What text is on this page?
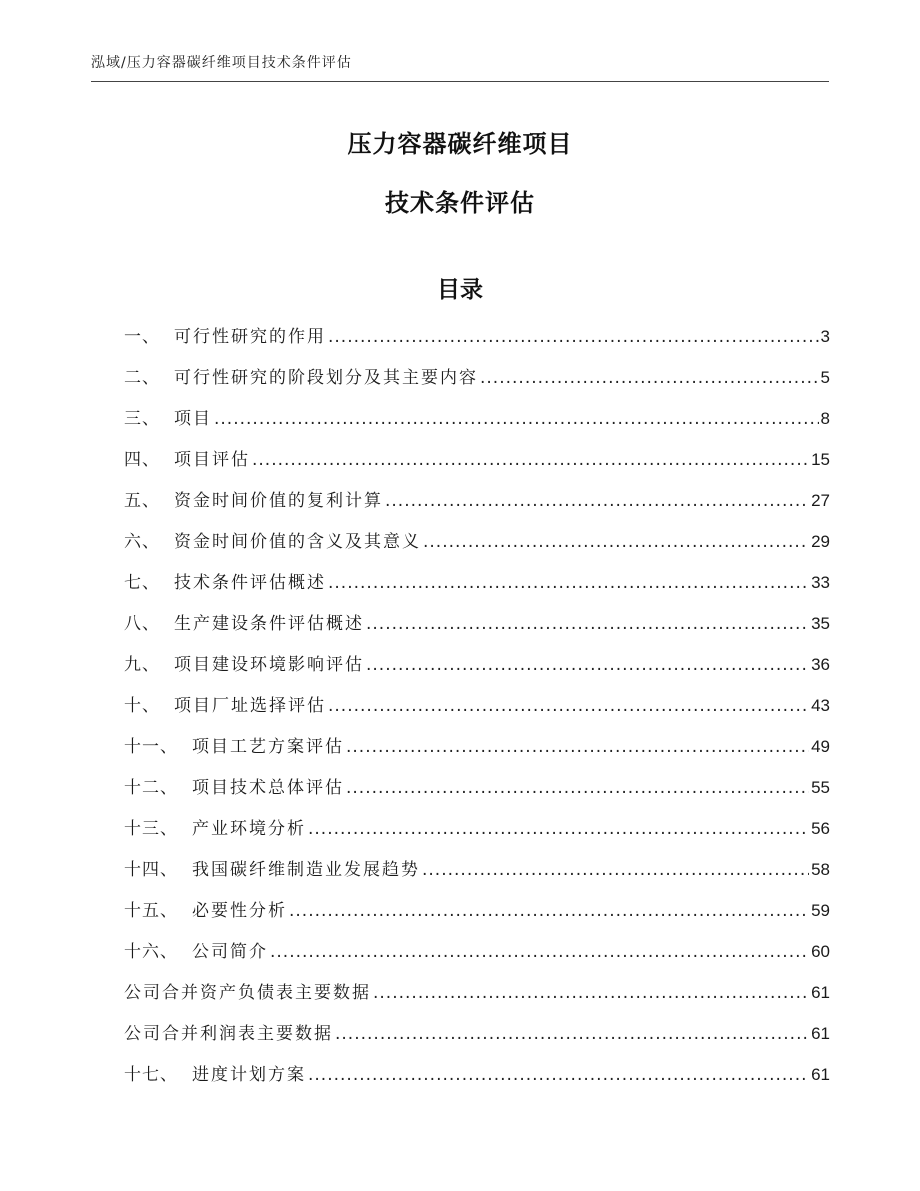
泓域/压力容器碳纤维项目技术条件评估
压力容器碳纤维项目
技术条件评估
目录
一、 可行性研究的作用 .....	3
二、 可行性研究的阶段划分及其主要内容 .....	5
三、 项目 .....	8
四、 项目评估 .....	15
五、 资金时间价值的复利计算 .....	27
六、 资金时间价值的含义及其意义 .....	29
七、 技术条件评估概述 .....	33
八、 生产建设条件评估概述 .....	35
九、 项目建设环境影响评估 .....	36
十、 项目厂址选择评估 .....	43
十一、 项目工艺方案评估 .....	49
十二、 项目技术总体评估 .....	55
十三、 产业环境分析 .....	56
十四、 我国碳纤维制造业发展趋势 .....	58
十五、 必要性分析 .....	59
十六、 公司简介 .....	60
公司合并资产负债表主要数据 .....	61
公司合并利润表主要数据 .....	61
十七、 进度计划方案 .....	61
